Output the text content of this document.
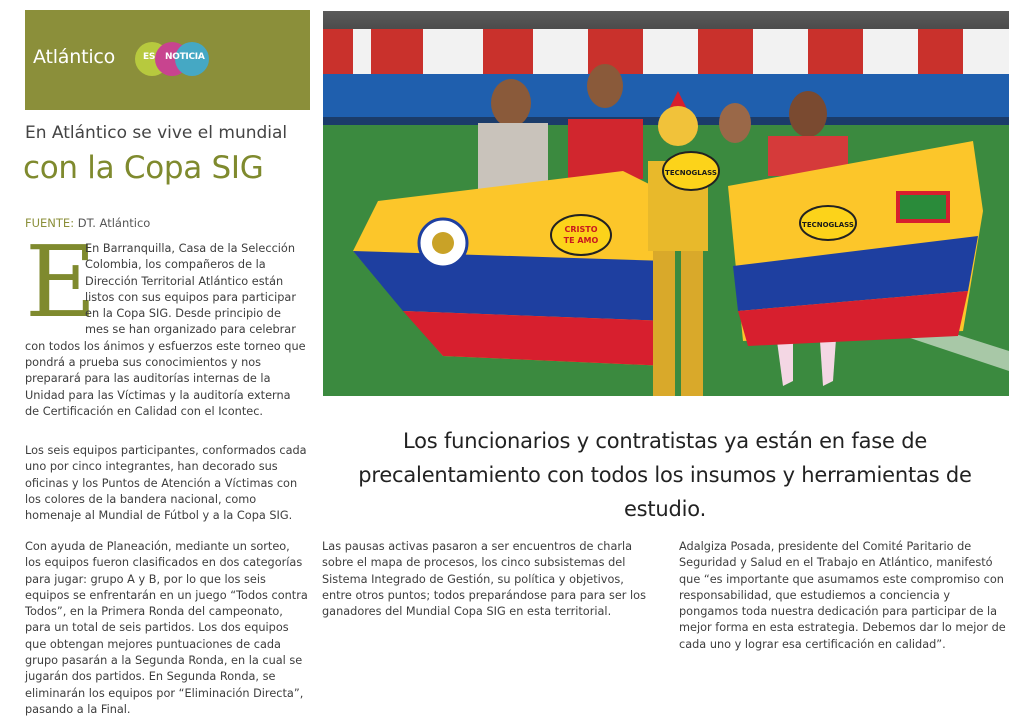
Atlántico	ES NOTICIA
En Atlántico se vive el mundial
con la Copa SIG
FUENTE: DT. Atlántico
E
En Barranquilla, Casa de la Selección Colombia, los compañeros de la Dirección Territorial Atlántico están listos con sus equipos para participar en la Copa SIG. Desde principio de mes se han organizado para celebrar con todos los ánimos y esfuerzos este torneo que pondrá a prueba sus conocimientos y nos preparará para las auditorías internas de la Unidad para las Víctimas y la auditoría externa de Certificación en Calidad con el Icontec.
Los seis equipos participantes, conformados cada uno por cinco integrantes, han decorado sus oficinas y los Puntos de Atención a Víctimas con los colores de la bandera nacional, como homenaje al Mundial de Fútbol y a la Copa SIG.
Con ayuda de Planeación, mediante un sorteo, los equipos fueron clasificados en dos categorías para jugar: grupo A y B, por lo que los seis equipos se enfrentarán en un juego “Todos contra Todos”, en la Primera Ronda del campeonato, para un total de seis partidos. Los dos equipos que obtengan mejores puntuaciones de cada grupo pasarán a la Segunda Ronda, en la cual se jugarán dos partidos. En Segunda Ronda, se eliminarán los equipos por “Eliminación Directa”, pasando a la Final.
CRISTO
TE AMO
TECNOGLASS
TECNOGLASS
Los funcionarios y contratistas ya están en fase de precalentamiento con todos los insumos y herramientas de estudio.
Las pausas activas pasaron a ser encuentros de charla sobre el mapa de procesos, los cinco subsistemas del Sistema Integrado de Gestión, su política y objetivos, entre otros puntos; todos preparándose para para ser los ganadores del Mundial Copa SIG en esta territorial.
Adalgiza Posada, presidente del Comité Paritario de Seguridad y Salud en el Trabajo en Atlántico, manifestó que “es importante que asumamos este compromiso con responsabilidad, que estudiemos a conciencia y pongamos toda nuestra dedicación para participar de la mejor forma en esta estrategia. Debemos dar lo mejor de cada uno y lograr esa certificación en calidad”.
